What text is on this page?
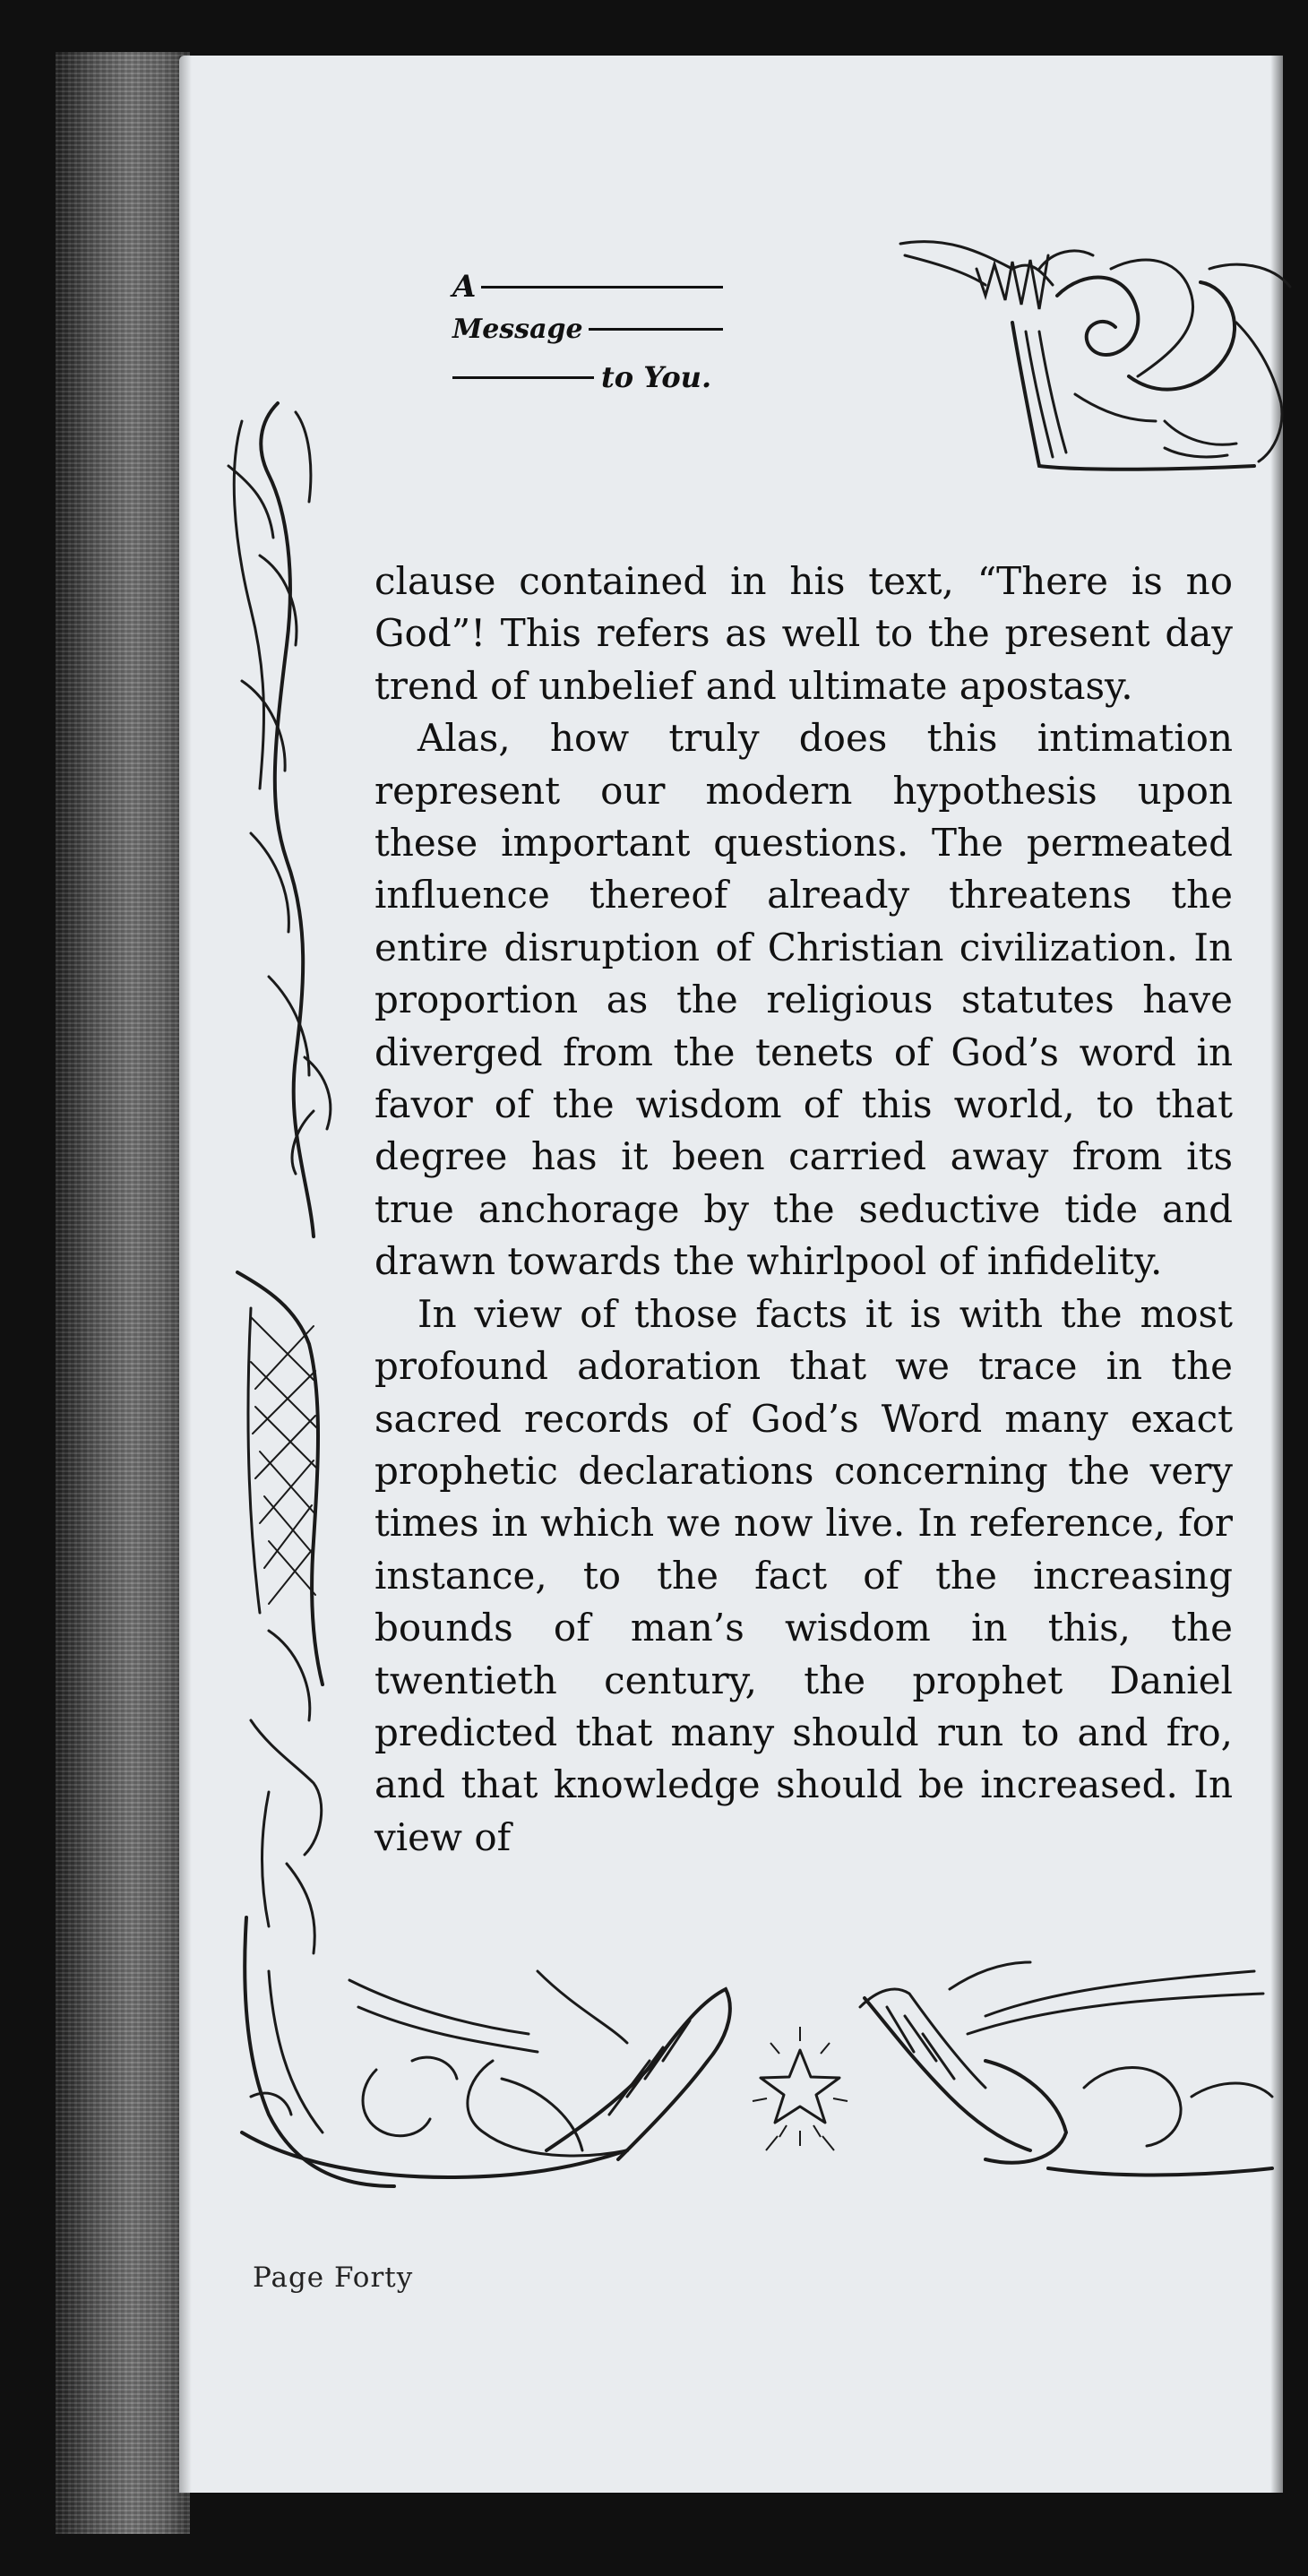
A
Message
to You.

clause contained in his text, “There is no God”! This refers as well to the present day trend of unbelief and ultimate apostasy.

Alas, how truly does this intimation represent our modern hypothesis upon these important questions. The permeated influence thereof already threatens the entire disruption of Christian civilization. In proportion as the religious statutes have diverged from the tenets of God’s word in favor of the wisdom of this world, to that degree has it been carried away from its true anchorage by the seductive tide and drawn towards the whirlpool of infidelity.

In view of those facts it is with the most profound adoration that we trace in the sacred records of God’s Word many exact prophetic declarations concerning the very times in which we now live. In reference, for instance, to the fact of the increasing bounds of man’s wisdom in this, the twentieth century, the prophet Daniel predicted that many should run to and fro, and that knowledge should be increased. In view of

Page Forty
